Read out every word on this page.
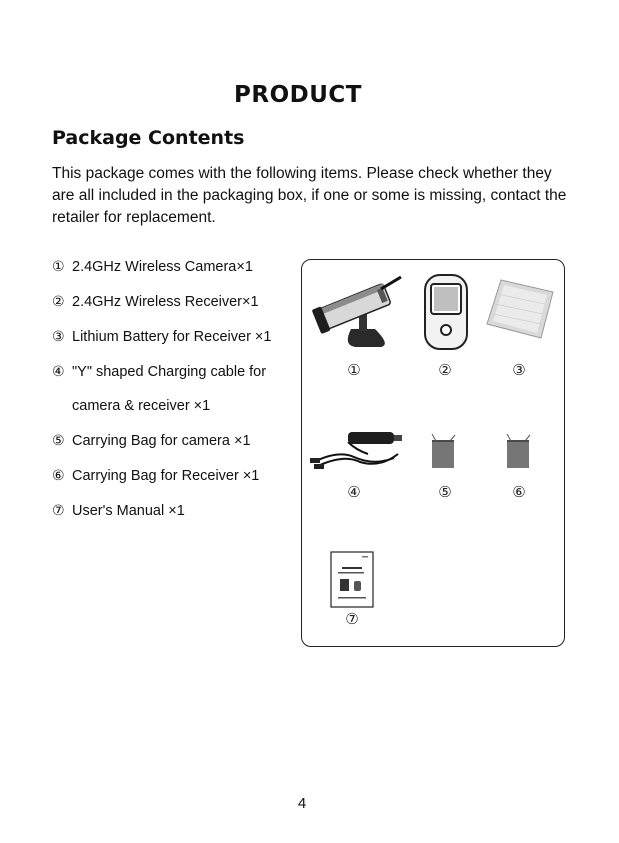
PRODUCT
Package Contents

This package comes with the following items. Please check whether they are all included in the packaging box, if one or some is missing, contact the retailer for replacement.

① 2.4GHz Wireless Camera×1
② 2.4GHz Wireless Receiver×1
③ Lithium Battery for Receiver ×1
④ "Y" shaped Charging cable for
camera & receiver ×1
⑤ Carrying Bag for camera ×1
⑥ Carrying Bag for Receiver ×1
⑦ User's Manual ×1
①	②	③
④	⑤	⑥
⑦
4
